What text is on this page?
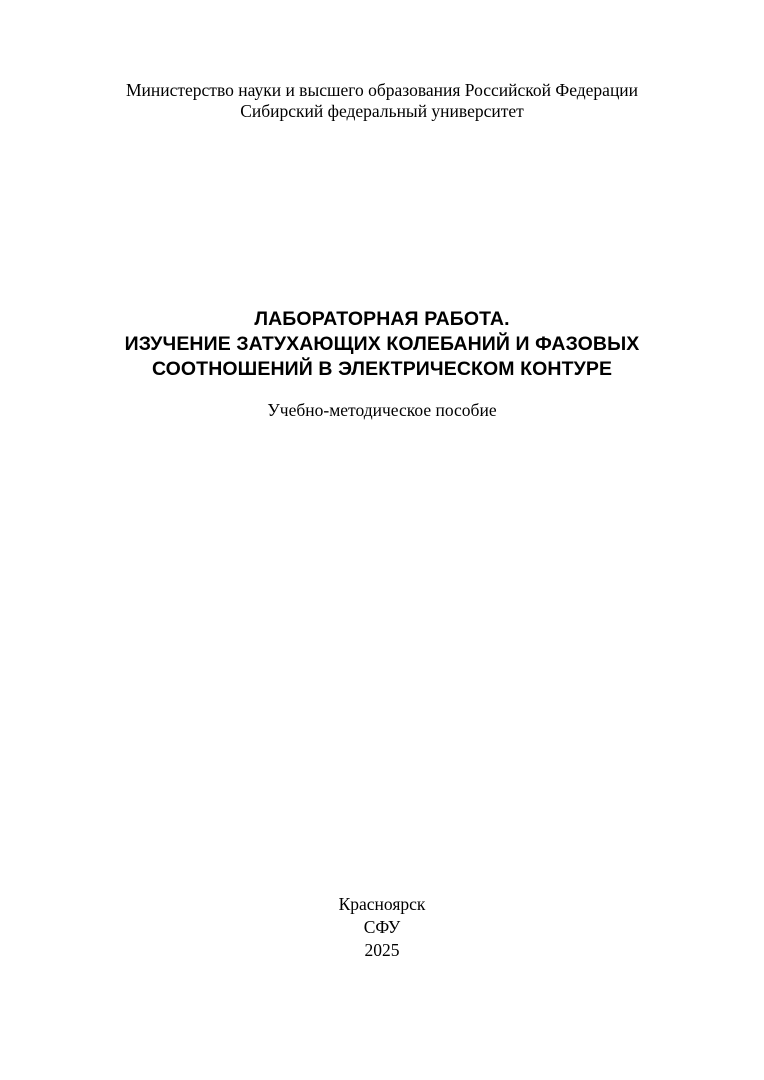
Министерство науки и высшего образования Российской Федерации
Сибирский федеральный университет
ЛАБОРАТОРНАЯ РАБОТА.
ИЗУЧЕНИЕ ЗАТУХАЮЩИХ КОЛЕБАНИЙ И ФАЗОВЫХ
СООТНОШЕНИЙ В ЭЛЕКТРИЧЕСКОМ КОНТУРЕ
Учебно-методическое пособие
Красноярск
СФУ
2025
